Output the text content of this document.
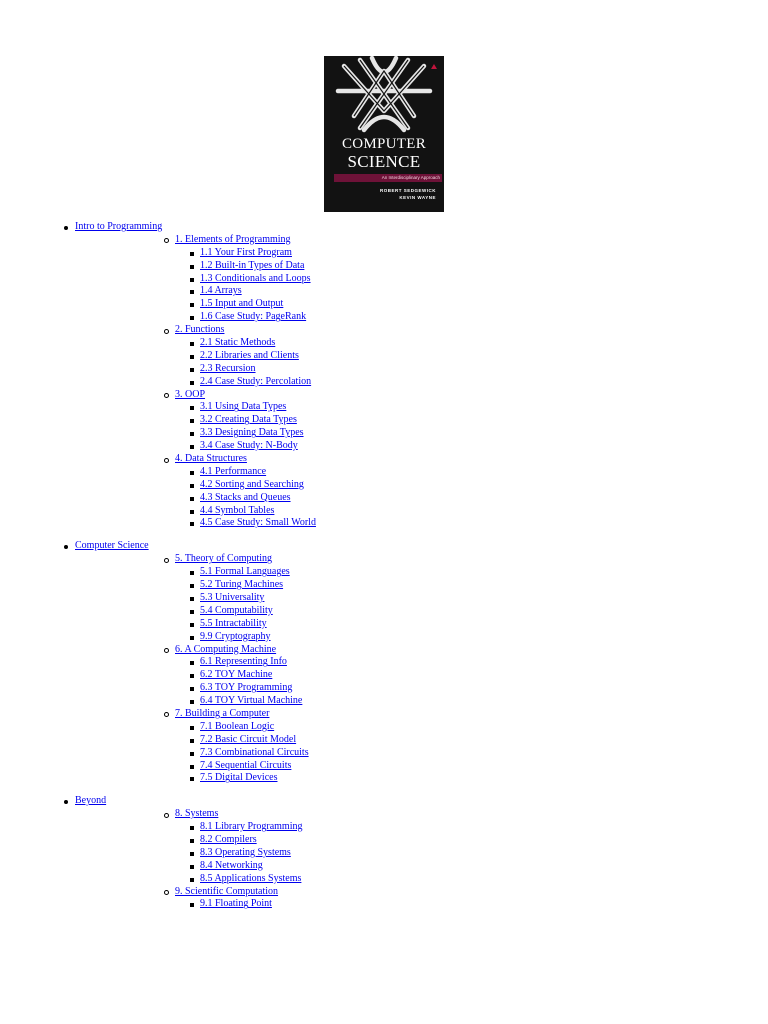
COMPUTER
SCIENCE
An Interdisciplinary Approach
ROBERT SEDGEWICK
KEVIN WAYNE
Intro to Programming
1. Elements of Programming
1.1 Your First Program
1.2 Built-in Types of Data
1.3 Conditionals and Loops
1.4 Arrays
1.5 Input and Output
1.6 Case Study: PageRank
2. Functions
2.1 Static Methods
2.2 Libraries and Clients
2.3 Recursion
2.4 Case Study: Percolation
3. OOP
3.1 Using Data Types
3.2 Creating Data Types
3.3 Designing Data Types
3.4 Case Study: N-Body
4. Data Structures
4.1 Performance
4.2 Sorting and Searching
4.3 Stacks and Queues
4.4 Symbol Tables
4.5 Case Study: Small World
Computer Science
5. Theory of Computing
5.1 Formal Languages
5.2 Turing Machines
5.3 Universality
5.4 Computability
5.5 Intractability
9.9 Cryptography
6. A Computing Machine
6.1 Representing Info
6.2 TOY Machine
6.3 TOY Programming
6.4 TOY Virtual Machine
7. Building a Computer
7.1 Boolean Logic
7.2 Basic Circuit Model
7.3 Combinational Circuits
7.4 Sequential Circuits
7.5 Digital Devices
Beyond
8. Systems
8.1 Library Programming
8.2 Compilers
8.3 Operating Systems
8.4 Networking
8.5 Applications Systems
9. Scientific Computation
9.1 Floating Point
